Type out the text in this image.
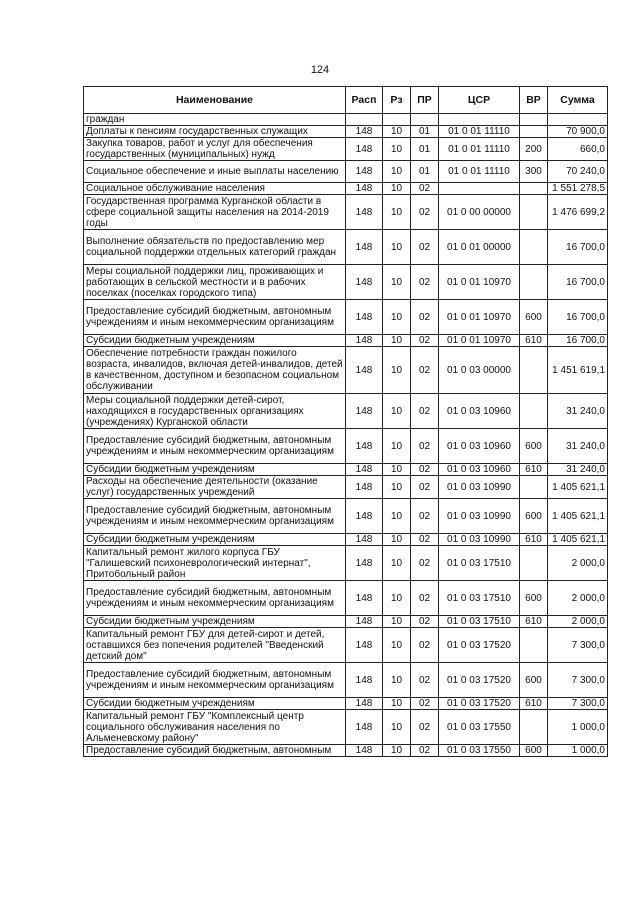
124
Наименование	Расп	Рз	ПР	ЦСР	ВР	Сумма
граждан						
Доплаты к пенсиям государственных служащих	148	10	01	01 0 01 11110		70 900,0
Закупка товаров, работ и услуг для обеспечения государственных (муниципальных) нужд	148	10	01	01 0 01 11110	200	660,0
Социальное обеспечение и иные выплаты населению	148	10	01	01 0 01 11110	300	70 240,0
Социальное обслуживание населения	148	10	02			1 551 278,5
Государственная программа Курганской области в сфере социальной защиты населения на 2014-2019 годы	148	10	02	01 0 00 00000		1 476 699,2
Выполнение обязательств по предоставлению мер социальной поддержки отдельных категорий граждан	148	10	02	01 0 01 00000		16 700,0
Меры социальной поддержки лиц, проживающих и работающих в сельской местности и в рабочих поселках (поселках городского типа)	148	10	02	01 0 01 10970		16 700,0
Предоставление субсидий бюджетным, автономным учреждениям и иным некоммерческим организациям	148	10	02	01 0 01 10970	600	16 700,0
Субсидии бюджетным учреждениям	148	10	02	01 0 01 10970	610	16 700,0
Обеспечение потребности граждан пожилого возраста, инвалидов, включая детей-инвалидов, детей в качественном, доступном и безопасном социальном обслуживании	148	10	02	01 0 03 00000		1 451 619,1
Меры социальной поддержки детей-сирот, находящихся в государственных организациях (учреждениях) Курганской области	148	10	02	01 0 03 10960		31 240,0
Предоставление субсидий бюджетным, автономным учреждениям и иным некоммерческим организациям	148	10	02	01 0 03 10960	600	31 240,0
Субсидии бюджетным учреждениям	148	10	02	01 0 03 10960	610	31 240,0
Расходы на обеспечение деятельности (оказание услуг) государственных учреждений	148	10	02	01 0 03 10990		1 405 621,1
Предоставление субсидий бюджетным, автономным учреждениям и иным некоммерческим организациям	148	10	02	01 0 03 10990	600	1 405 621,1
Субсидии бюджетным учреждениям	148	10	02	01 0 03 10990	610	1 405 621,1
Капитальный ремонт жилого корпуса ГБУ "Галишевский психоневрологический интернат", Притобольный район	148	10	02	01 0 03 17510		2 000,0
Предоставление субсидий бюджетным, автономным учреждениям и иным некоммерческим организациям	148	10	02	01 0 03 17510	600	2 000,0
Субсидии бюджетным учреждениям	148	10	02	01 0 03 17510	610	2 000,0
Капитальный ремонт ГБУ для детей-сирот и детей, оставшихся без попечения родителей "Введенский детский дом"	148	10	02	01 0 03 17520		7 300,0
Предоставление субсидий бюджетным, автономным учреждениям и иным некоммерческим организациям	148	10	02	01 0 03 17520	600	7 300,0
Субсидии бюджетным учреждениям	148	10	02	01 0 03 17520	610	7 300,0
Капитальный ремонт ГБУ "Комплексный центр социального обслуживания населения по Альменевскому району"	148	10	02	01 0 03 17550		1 000,0
Предоставление субсидий бюджетным, автономным	148	10	02	01 0 03 17550	600	1 000,0
